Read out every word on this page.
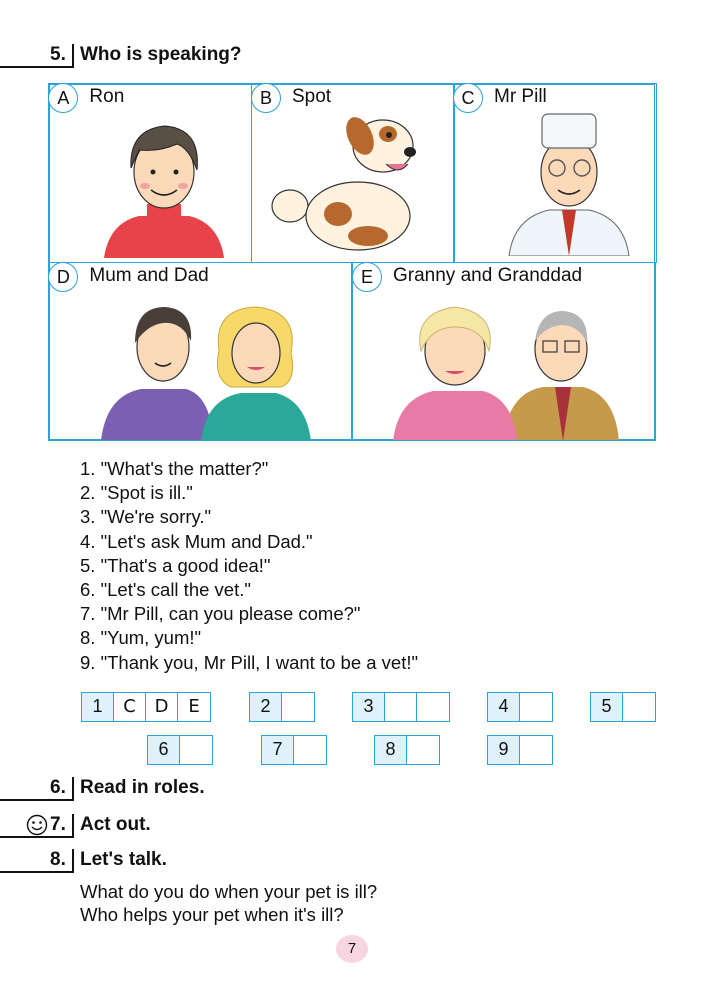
5. Who is speaking?
A	Ron	B	Spot	C	Mr Pill
D	Mum and Dad	E	Granny and Granddad
1. "What's the matter?"
2. "Spot is ill."
3. "We're sorry."
4. "Let's ask Mum and Dad."
5. "That's a good idea!"
6. "Let's call the vet."
7. "Mr Pill, can you please come?"
8. "Yum, yum!"
9. "Thank you, Mr Pill, I want to be a vet!"
1	C	D	E	2	3	4	5
6	7	8	9
6. Read in roles.
7. Act out.
8. Let's talk.
What do you do when your pet is ill?
Who helps your pet when it's ill?
7
